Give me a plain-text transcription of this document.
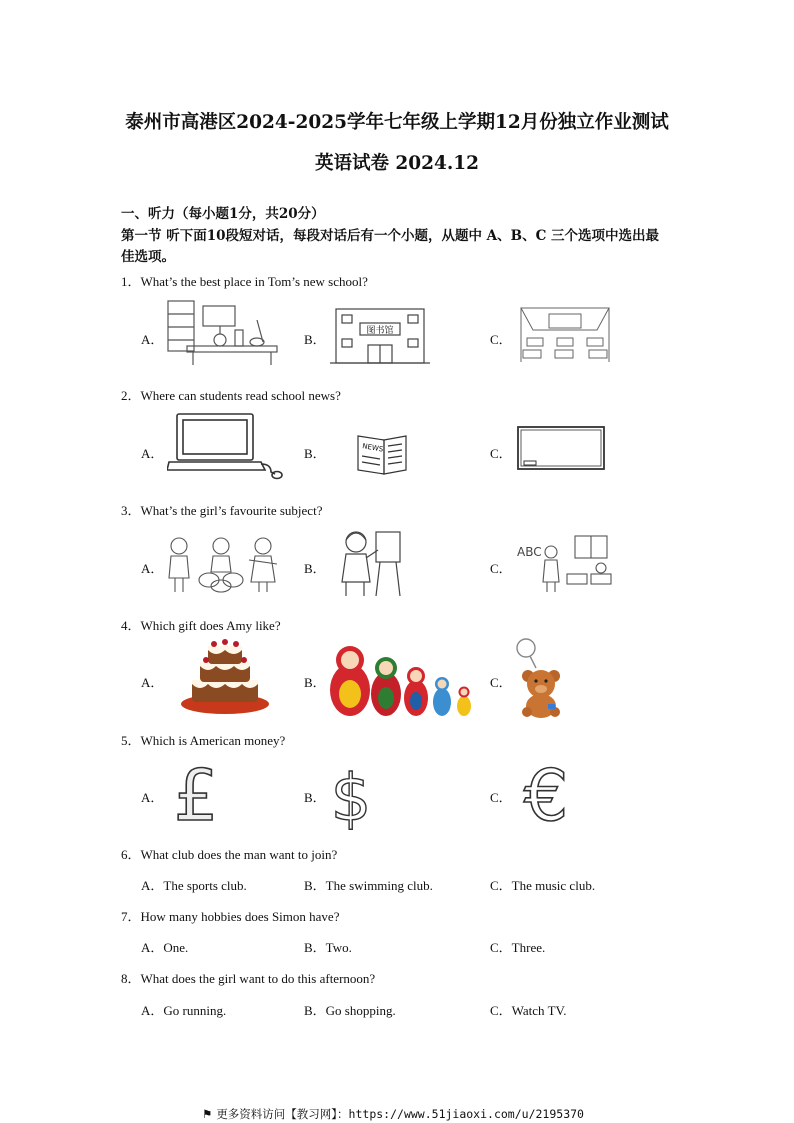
泰州市高港区2024-2025学年七年级上学期12月份独立作业测试
英语试卷 2024.12
一、听力（每小题1分，共20分）
第一节 听下面10段短对话，每段对话后有一个小题，从题中 A、B、C 三个选项中选出最
佳选项。
1．What’s the best place in Tom’s new school?
A．	B．	C．
图书馆
2．Where can students read school news?
A．	B．	C．
NEWS
3．What’s the girl’s favourite subject?
A．	B．	C．
ABC
4．Which gift does Amy like?
A．	B．	C．
5．Which is American money?
A．	B．	C．
£ $ €
6．What club does the man want to join?
A．The sports club.	B．The swimming club.	C．The music club.
7．How many hobbies does Simon have?
A．One.	B．Two.	C．Three.
8．What does the girl want to do this afternoon?
A．Go running.	B．Go shopping.	C．Watch TV.
⚑ 更多资料访问【教习网】：https://www.51jiaoxi.com/u/2195370
